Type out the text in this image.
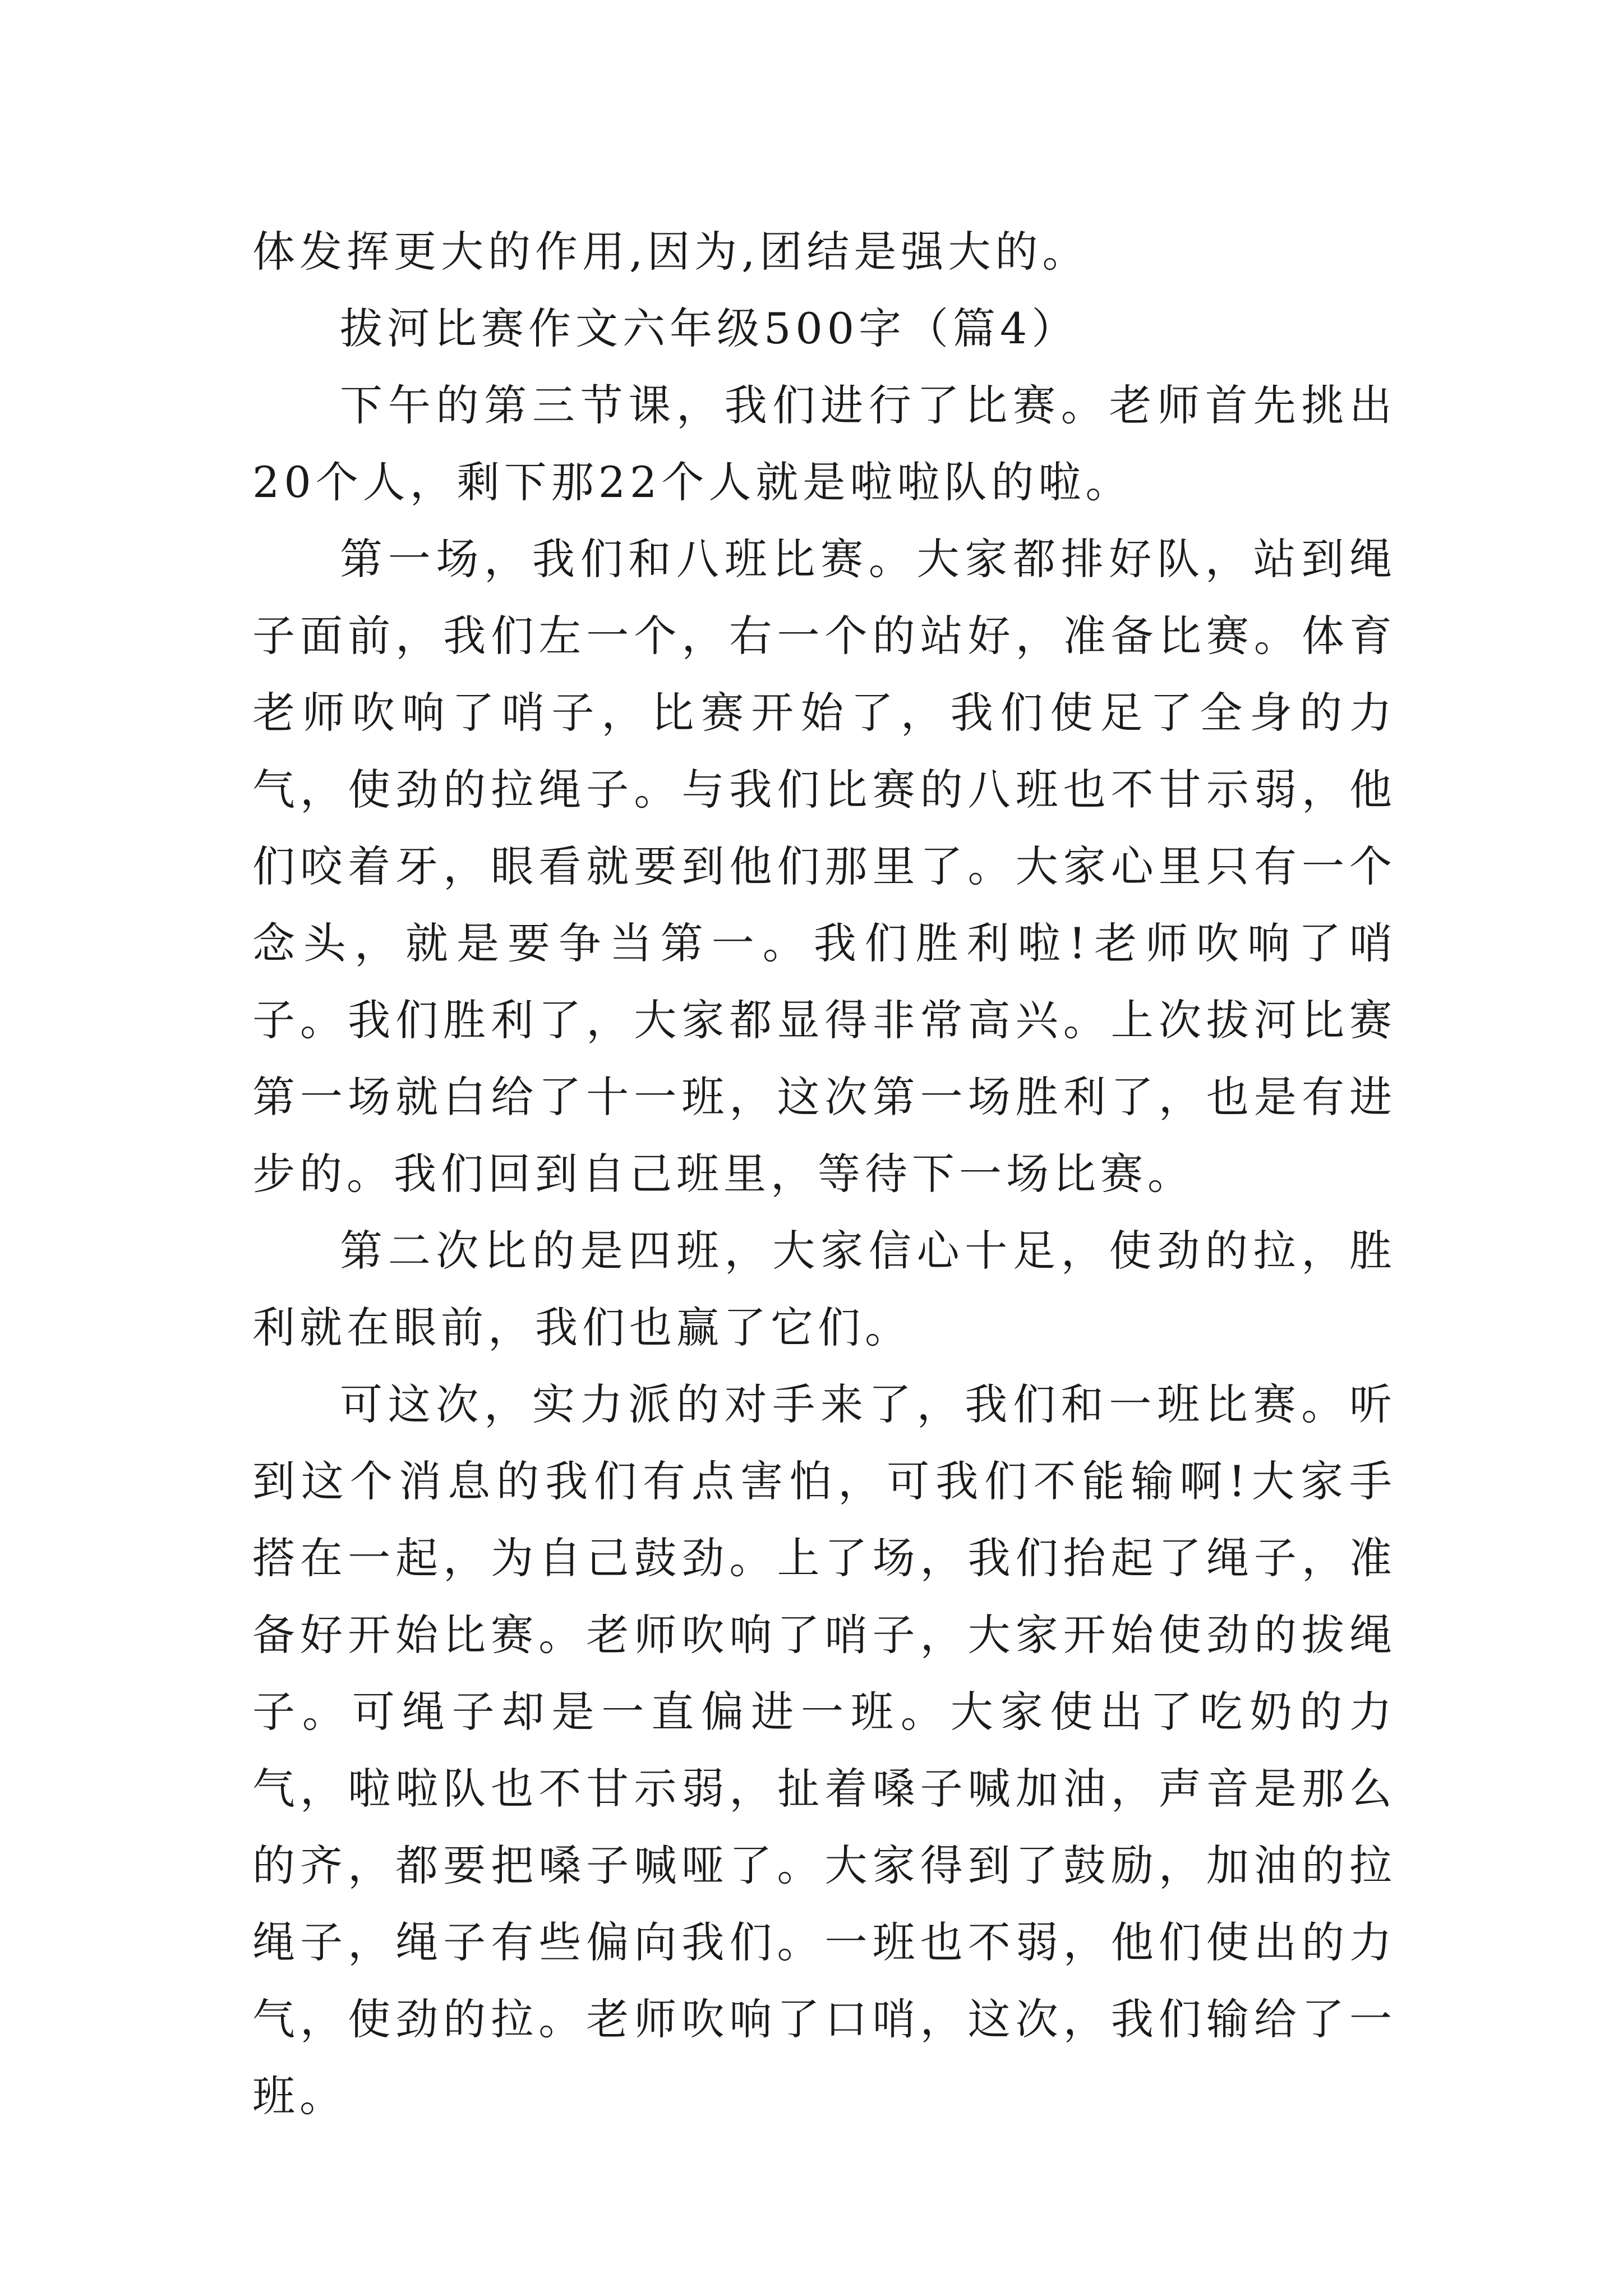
体发挥更大的作用,因为,团结是强大的。

拔河比赛作文六年级500字（篇4）

下午的第三节课，我们进行了比赛。老师首先挑出20个人，剩下那22个人就是啦啦队的啦。

第一场，我们和八班比赛。大家都排好队，站到绳子面前，我们左一个，右一个的站好，准备比赛。体育老师吹响了哨子，比赛开始了，我们使足了全身的力气，使劲的拉绳子。与我们比赛的八班也不甘示弱，他们咬着牙，眼看就要到他们那里了。大家心里只有一个念头，就是要争当第一。我们胜利啦!老师吹响了哨子。我们胜利了，大家都显得非常高兴。上次拔河比赛第一场就白给了十一班，这次第一场胜利了，也是有进步的。我们回到自己班里，等待下一场比赛。

第二次比的是四班，大家信心十足，使劲的拉，胜利就在眼前，我们也赢了它们。

可这次，实力派的对手来了，我们和一班比赛。听到这个消息的我们有点害怕，可我们不能输啊!大家手搭在一起，为自己鼓劲。上了场，我们抬起了绳子，准备好开始比赛。老师吹响了哨子，大家开始使劲的拔绳子。可绳子却是一直偏进一班。大家使出了吃奶的力气，啦啦队也不甘示弱，扯着嗓子喊加油，声音是那么的齐，都要把嗓子喊哑了。大家得到了鼓励，加油的拉绳子，绳子有些偏向我们。一班也不弱，他们使出的力气，使劲的拉。老师吹响了口哨，这次，我们输给了一班。
